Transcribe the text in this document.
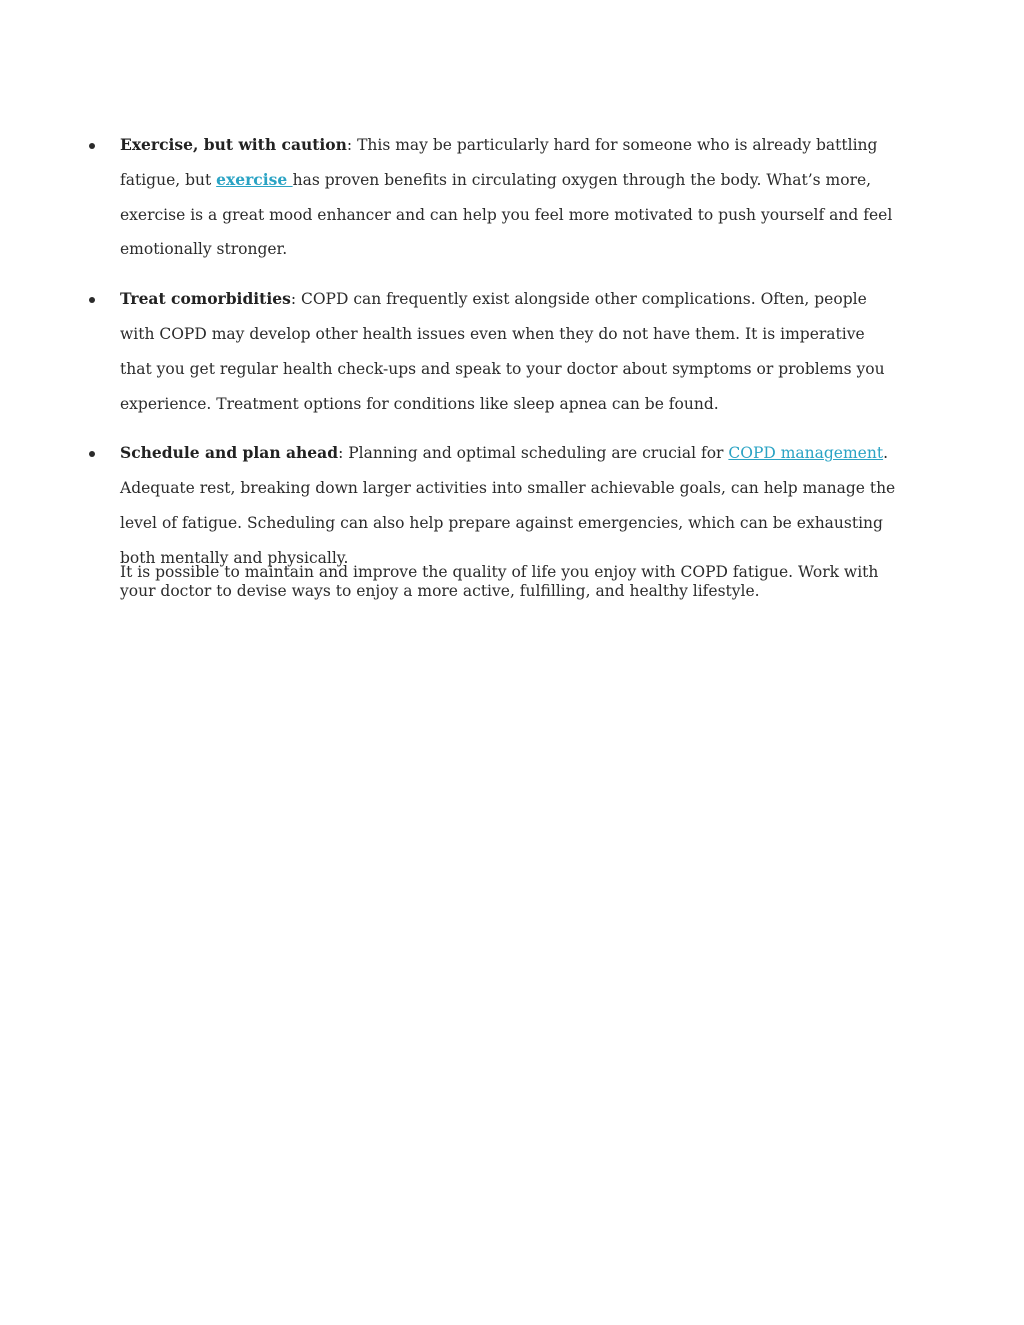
Exercise, but with caution: This may be particularly hard for someone who is already battling fatigue, but exercise has proven benefits in circulating oxygen through the body. What’s more, exercise is a great mood enhancer and can help you feel more motivated to push yourself and feel emotionally stronger.
Treat comorbidities: COPD can frequently exist alongside other complications. Often, people with COPD may develop other health issues even when they do not have them. It is imperative that you get regular health check-ups and speak to your doctor about symptoms or problems you experience. Treatment options for conditions like sleep apnea can be found.
Schedule and plan ahead: Planning and optimal scheduling are crucial for COPD management. Adequate rest, breaking down larger activities into smaller achievable goals, can help manage the level of fatigue. Scheduling can also help prepare against emergencies, which can be exhausting both mentally and physically.

It is possible to maintain and improve the quality of life you enjoy with COPD fatigue. Work with your doctor to devise ways to enjoy a more active, fulfilling, and healthy lifestyle.
